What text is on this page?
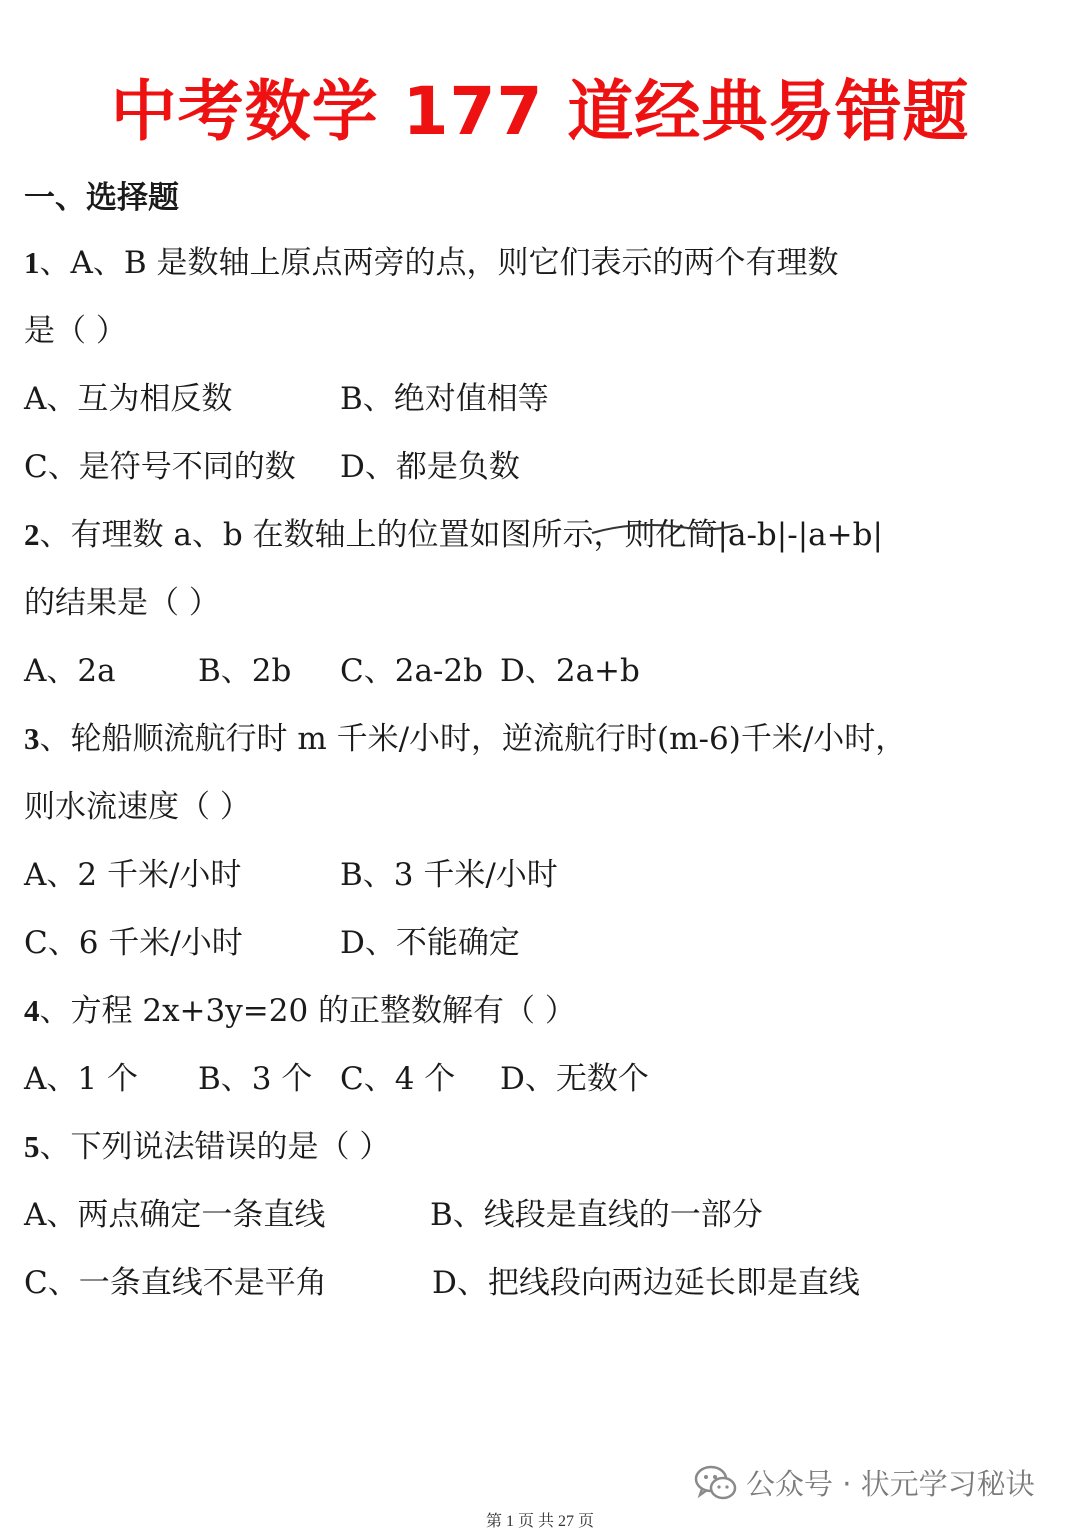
中考数学 177 道经典易错题
一、选择题
1、A、B 是数轴上原点两旁的点，则它们表示的两个有理数
是（ ）
A、互为相反数	B、绝对值相等
C、是符号不同的数 D、都是负数
2、有理数 a、b 在数轴上的位置如图所示，则化简|a-b|-|a+b|
的结果是（ ）
A、2a	B、2b C、2a-2b D、2a+b
3、轮船顺流航行时 m 千米/小时，逆流航行时(m-6)千米/小时，
则水流速度（ ）
A、2 千米/小时	B、3 千米/小时
C、6 千米/小时	D、不能确定
4、方程 2x+3y=20 的正整数解有（ ）
A、1 个 B、3 个 C、4 个 D、无数个
5、下列说法错误的是（ ）
A、两点确定一条直线	B、线段是直线的一部分
C、一条直线不是平角	D、把线段向两边延长即是直线
公众号 · 状元学习秘诀
第 1 页 共 27 页
